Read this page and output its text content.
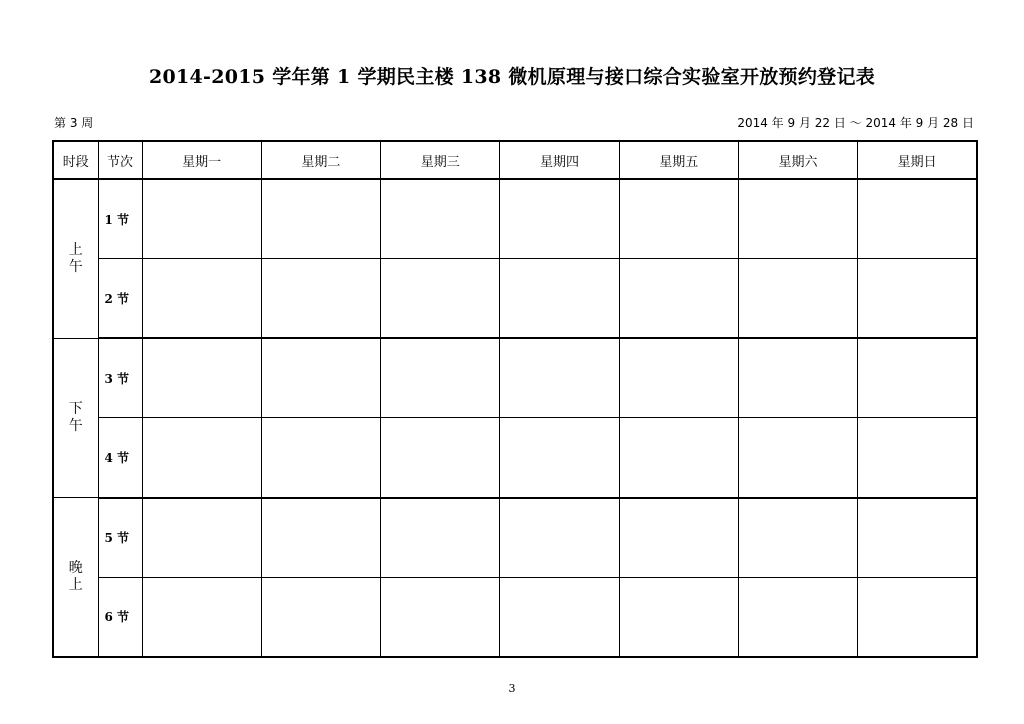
2014-2015 学年第 1 学期民主楼 138 微机原理与接口综合实验室开放预约登记表
第 3 周	2014 年 9 月 22 日 ～ 2014 年 9 月 28 日
时段	节次	星期一	星期二	星期三	星期四	星期五	星期六	星期日
上午	1 节							
	2 节							
下午	3 节							
	4 节							
晚上	5 节							
	6 节							
3
